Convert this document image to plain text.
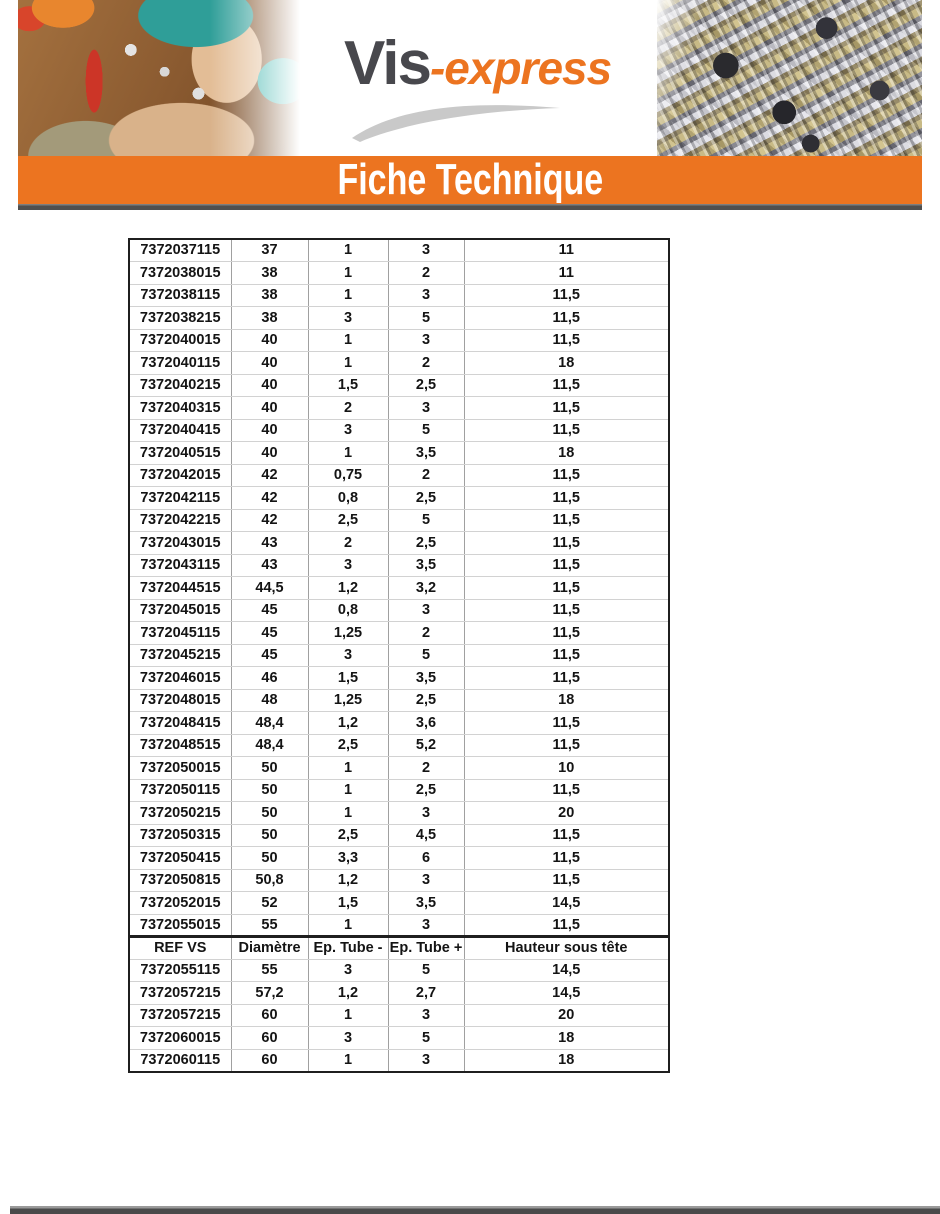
Vis-express
Fiche Technique
7372037115	37	1	3	11
7372038015	38	1	2	11
7372038115	38	1	3	11,5
7372038215	38	3	5	11,5
7372040015	40	1	3	11,5
7372040115	40	1	2	18
7372040215	40	1,5	2,5	11,5
7372040315	40	2	3	11,5
7372040415	40	3	5	11,5
7372040515	40	1	3,5	18
7372042015	42	0,75	2	11,5
7372042115	42	0,8	2,5	11,5
7372042215	42	2,5	5	11,5
7372043015	43	2	2,5	11,5
7372043115	43	3	3,5	11,5
7372044515	44,5	1,2	3,2	11,5
7372045015	45	0,8	3	11,5
7372045115	45	1,25	2	11,5
7372045215	45	3	5	11,5
7372046015	46	1,5	3,5	11,5
7372048015	48	1,25	2,5	18
7372048415	48,4	1,2	3,6	11,5
7372048515	48,4	2,5	5,2	11,5
7372050015	50	1	2	10
7372050115	50	1	2,5	11,5
7372050215	50	1	3	20
7372050315	50	2,5	4,5	11,5
7372050415	50	3,3	6	11,5
7372050815	50,8	1,2	3	11,5
7372052015	52	1,5	3,5	14,5
7372055015	55	1	3	11,5
REF VS	Diamètre	Ep. Tube -	Ep. Tube +	Hauteur sous tête
7372055115	55	3	5	14,5
7372057215	57,2	1,2	2,7	14,5
7372057215	60	1	3	20
7372060015	60	3	5	18
7372060115	60	1	3	18
